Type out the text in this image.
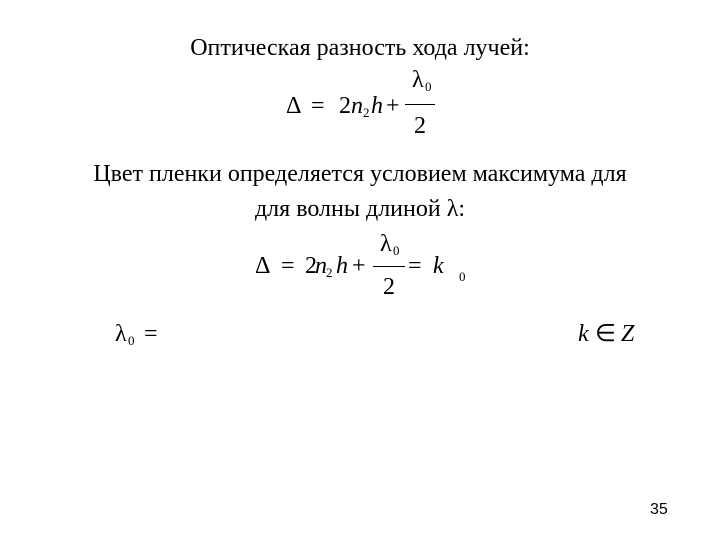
Оптическая разность хода лучей:
Δ = 2 n 2 h +
λ 0
2
Цвет пленки определяется условием максимума для
для волны длиной λ:
Δ = 2
n 2 h +
λ 0
2
= k 0
λ 0 =	k ∈ Z
35
